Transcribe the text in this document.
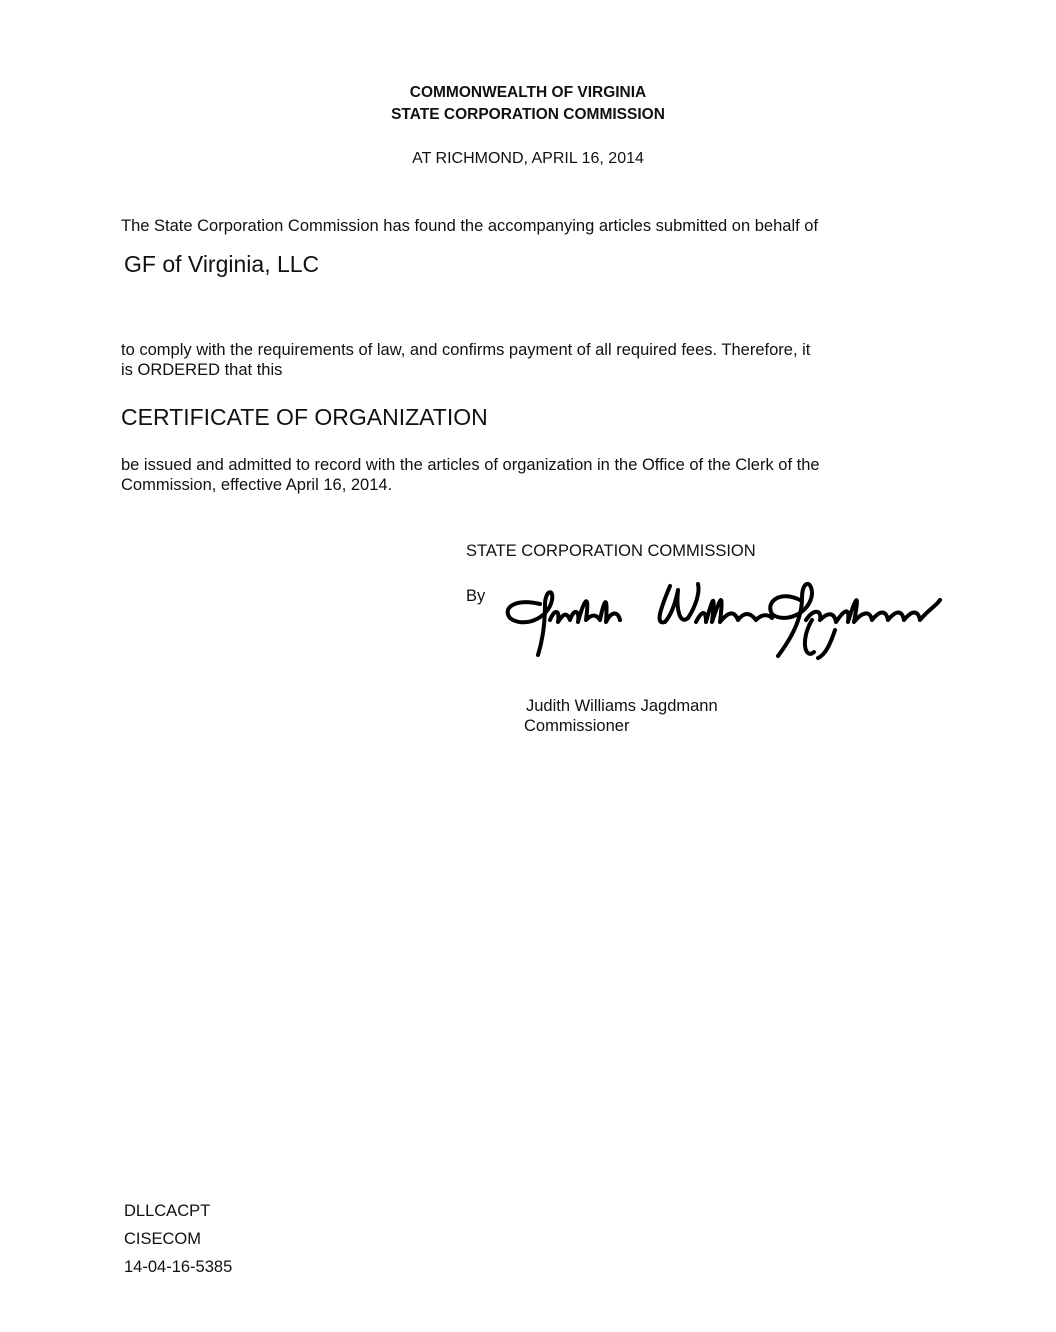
COMMONWEALTH OF VIRGINIA
STATE CORPORATION COMMISSION
AT RICHMOND, APRIL 16, 2014
The State Corporation Commission has found the accompanying articles submitted on behalf of
GF of Virginia, LLC
to comply with the requirements of law, and confirms payment of all required fees. Therefore, it
is ORDERED that this
CERTIFICATE OF ORGANIZATION
be issued and admitted to record with the articles of organization in the Office of the Clerk of the
Commission, effective April 16, 2014.
STATE CORPORATION COMMISSION
By
Judith Williams Jagdmann
Commissioner
DLLCACPT
CISECOM
14-04-16-5385
